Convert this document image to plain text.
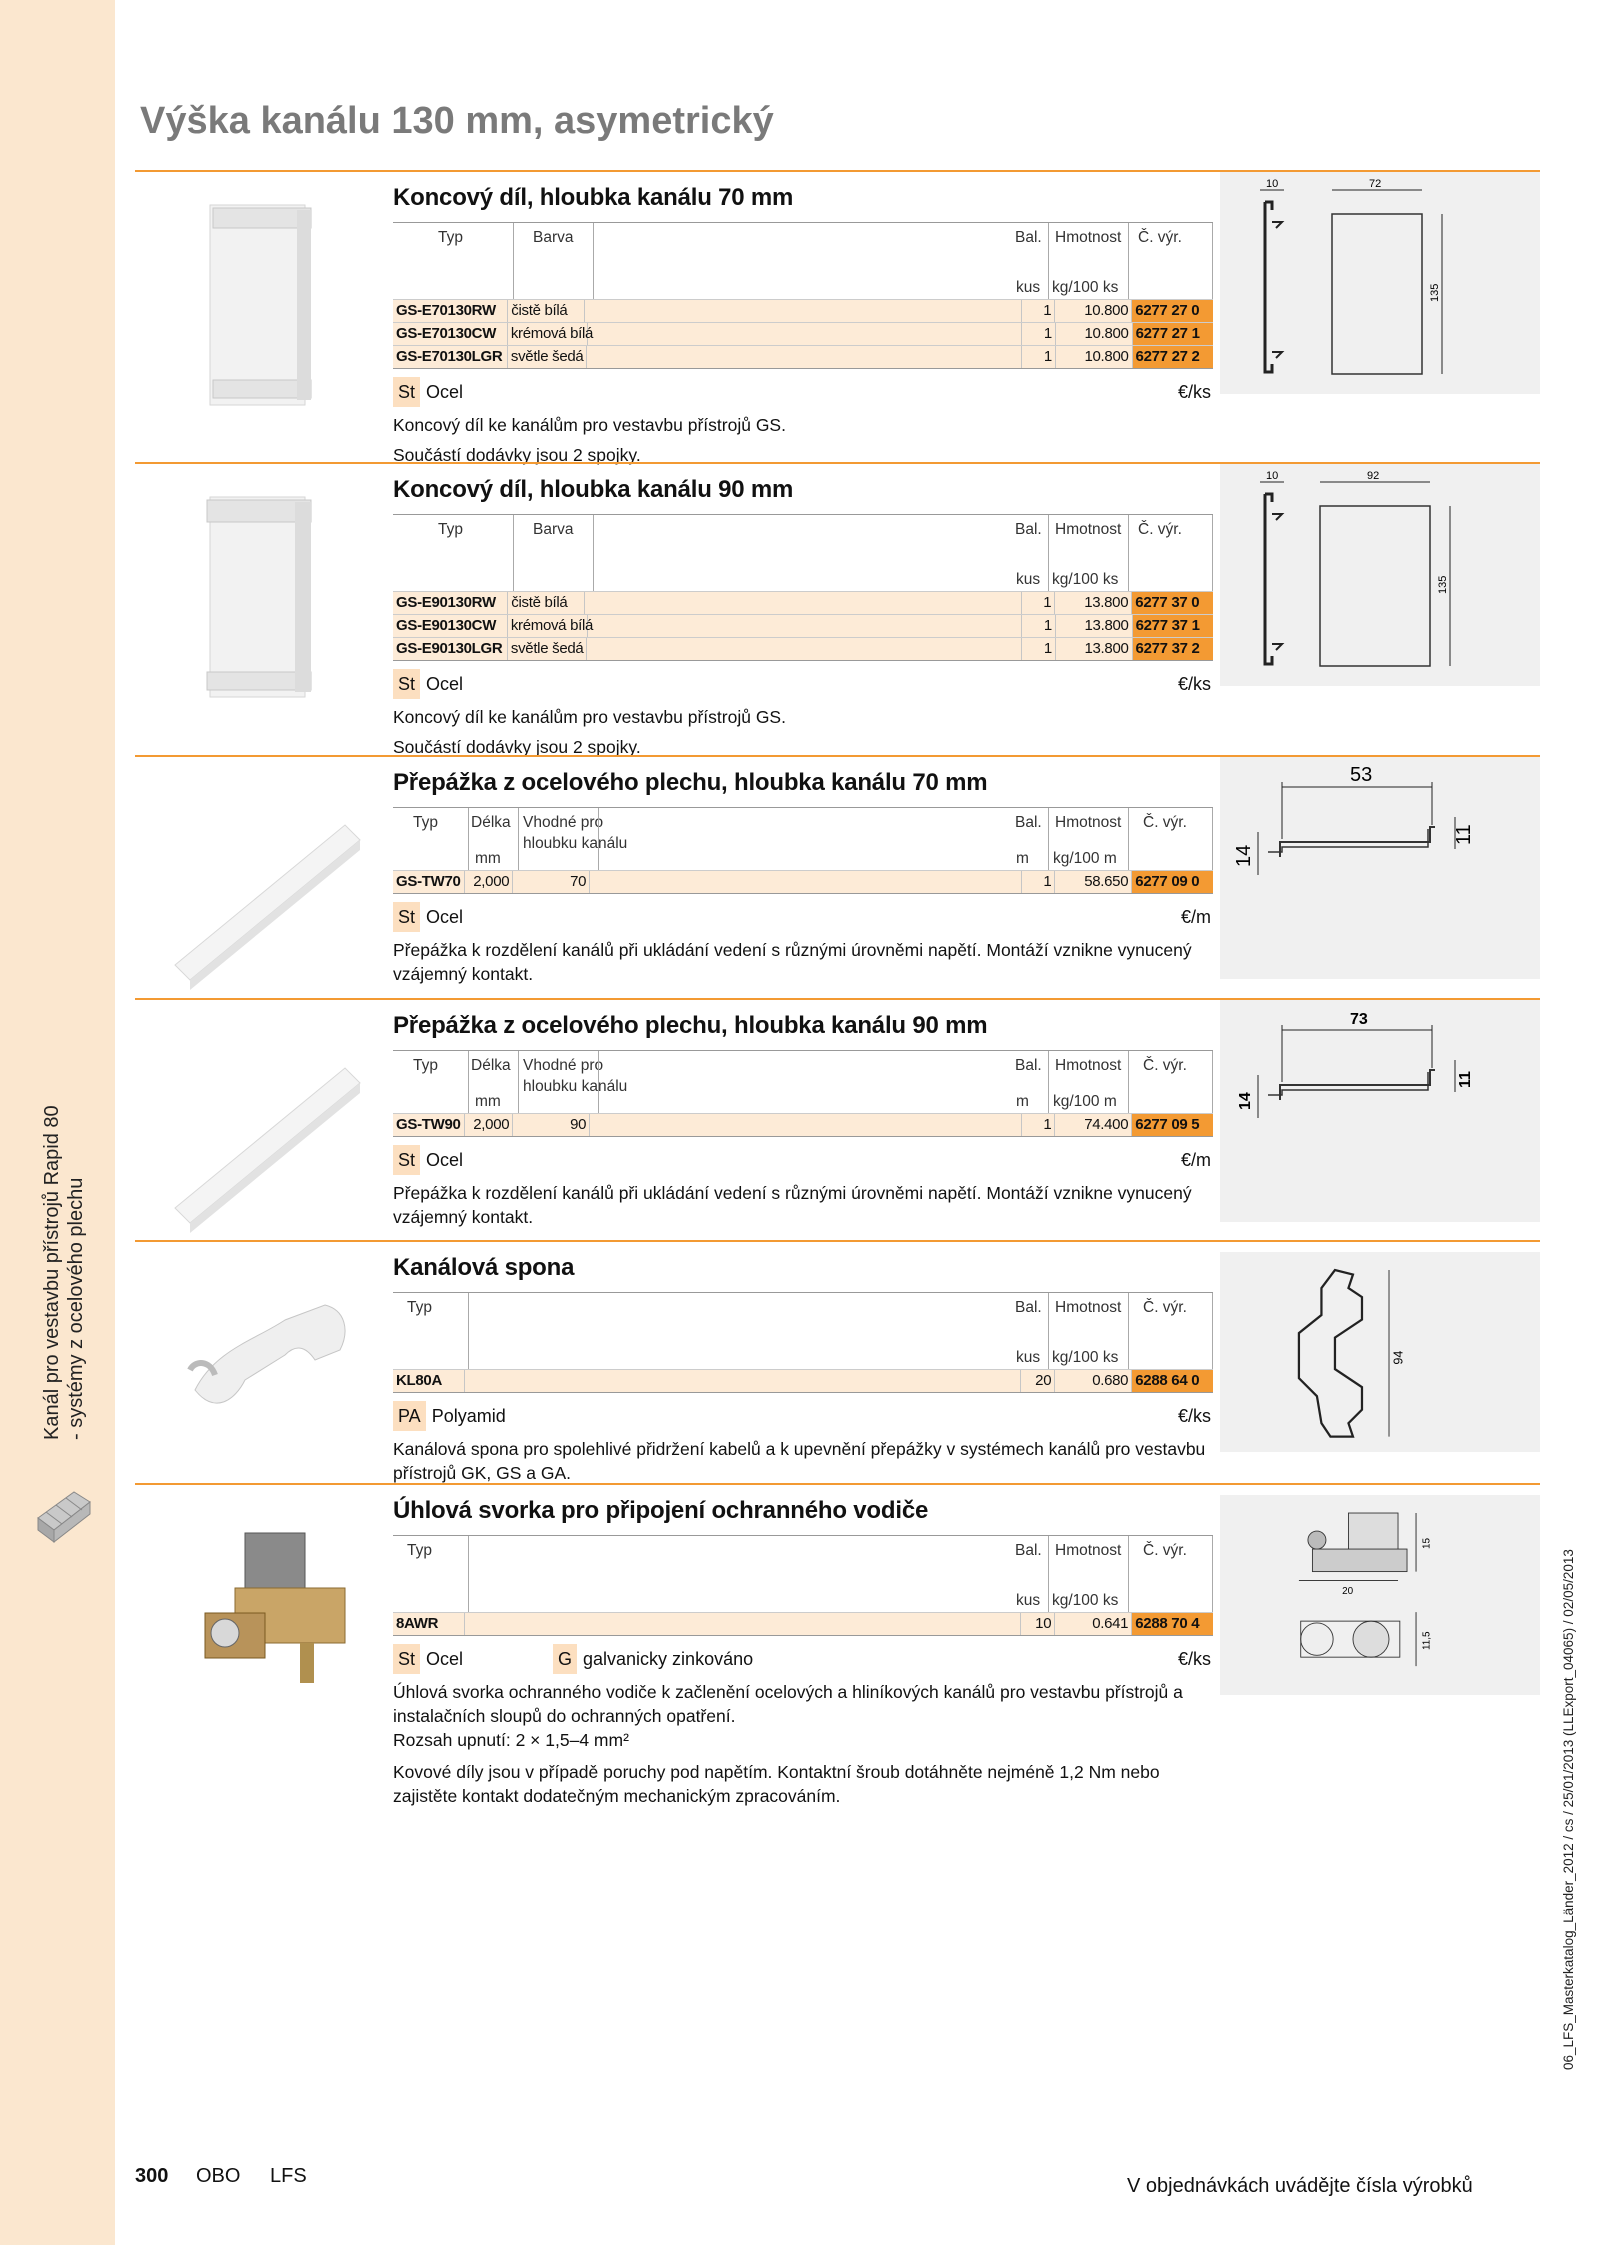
Kanál pro vestavbu přístrojů Rapid 80 - systémy z ocelového plechu
06_LFS_Masterkatalog_Länder_2012 / cs / 25/01/2013 (LLExport_04065) / 02/05/2013
Výška kanálu 130 mm, asymetrický
Koncový díl, hloubka kanálu 70 mm
Typ	Barva	Bal. Hmotnost Č. výr.
kus kg/100 ks
GS-E70130RW	čistě bílá	1	10.800 6277 27 0
GS-E70130CW krémová bílá	1	10.800 6277 27 1
GS-E70130LGR světle šedá	1	10.800 6277 27 2
St Ocel	€/ks

Koncový díl ke kanálům pro vestavbu přístrojů GS.

Součástí dodávky jsou 2 spojky.

10	72
135
Koncový díl, hloubka kanálu 90 mm
Typ	Barva	Bal. Hmotnost Č. výr.
kus kg/100 ks
GS-E90130RW	čistě bílá	1	13.800 6277 37 0
GS-E90130CW krémová bílá	1	13.800 6277 37 1
GS-E90130LGR světle šedá	1	13.800 6277 37 2
St Ocel	€/ks

Koncový díl ke kanálům pro vestavbu přístrojů GS.

Součástí dodávky jsou 2 spojky.

10	92
135
Přepážka z ocelového plechu, hloubka kanálu 70 mm
Typ Délka Vhodné pro	Bal. Hmotnost Č. výr.
mm	m kg/100 m
hloubku kanálu
GS-TW70 2,000	70	1	58.650 6277 09 0
St Ocel	€/m

Přepážka k rozdělení kanálů při ukládání vedení s různými úrovněmi napětí. Montáží vznikne vynucený vzájemný kontakt.

53
11
14
Přepážka z ocelového plechu, hloubka kanálu 90 mm
Typ Délka Vhodné pro	Bal. Hmotnost Č. výr.
mm	m kg/100 m
hloubku kanálu
GS-TW90 2,000	90	1	74.400 6277 09 5
St Ocel	€/m

Přepážka k rozdělení kanálů při ukládání vedení s různými úrovněmi napětí. Montáží vznikne vynucený vzájemný kontakt.

73
11
14
Kanálová spona
Typ	Bal. Hmotnost Č. výr.
kus kg/100 ks
KL80A	20	0.680 6288 64 0
PA Polyamid	€/ks

Kanálová spona pro spolehlivé přidržení kabelů a k upevnění přepážky v systémech kanálů pro vestavbu přístrojů GK, GS a GA.

94
Úhlová svorka pro připojení ochranného vodiče
Typ	Bal. Hmotnost Č. výr.
kus kg/100 ks
8AWR	10	0.641 6288 70 4
St Ocel	G galvanicky zinkováno	€/ks

Úhlová svorka ochranného vodiče k začlenění ocelových a hliníkových kanálů pro vestavbu přístrojů a instalačních sloupů do ochranných opatření.

Rozsah upnutí: 2 × 1,5–4 mm²

Kovové díly jsou v případě poruchy pod napětím. Kontaktní šroub dotáhněte nejméně 1,2 Nm nebo zajistěte kontakt dodatečným mechanickým zpracováním.

15
20
11,5
300 OBO LFS	V objednávkách uvádějte čísla výrobků
